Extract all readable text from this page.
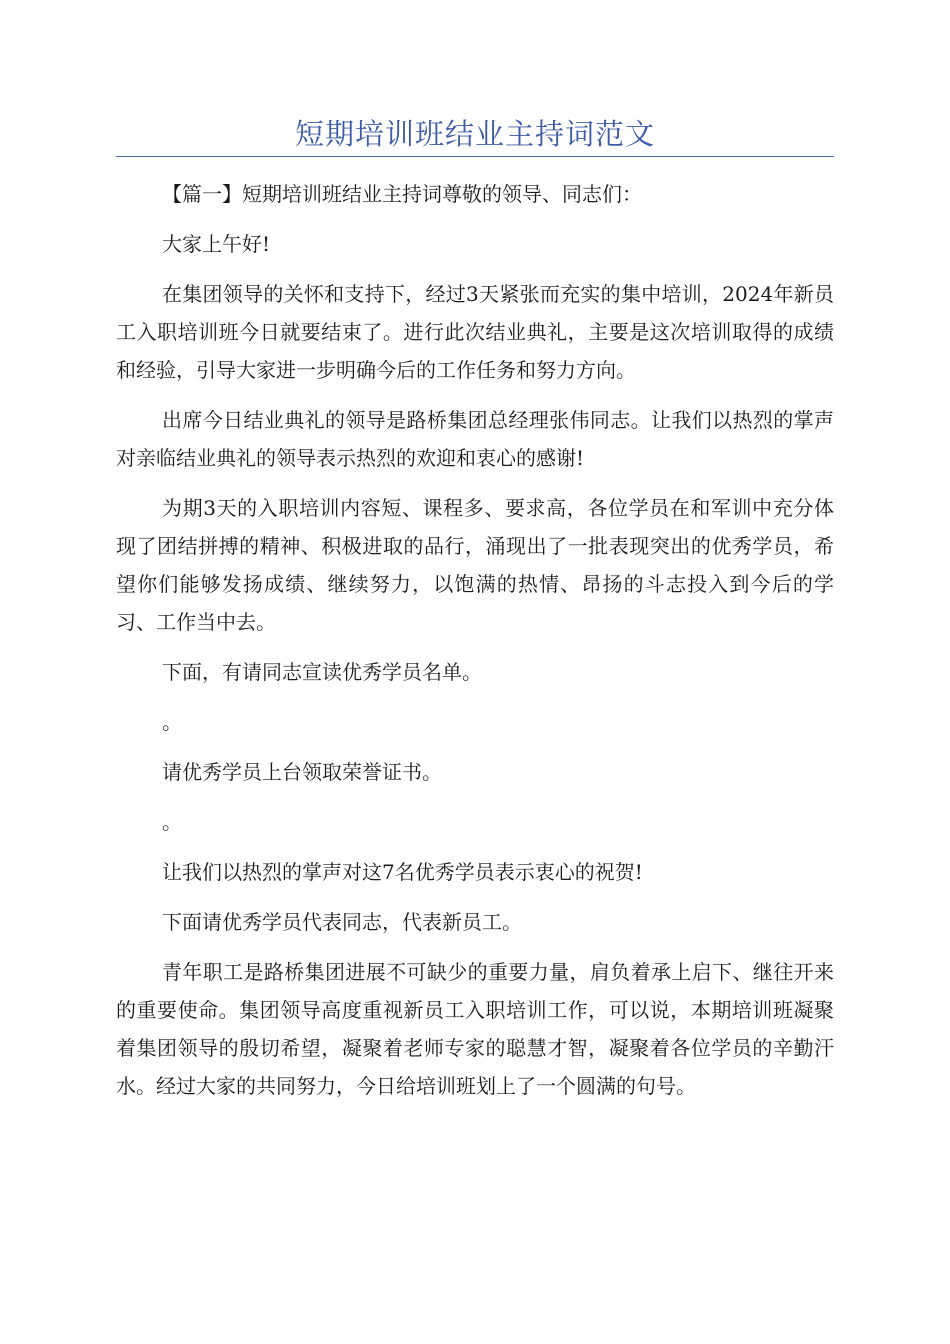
短期培训班结业主持词范文

【篇一】短期培训班结业主持词尊敬的领导、同志们：

大家上午好!

在集团领导的关怀和支持下，经过3天紧张而充实的集中培训，2024年新员工入职培训班今日就要结束了。进行此次结业典礼，主要是这次培训取得的成绩和经验，引导大家进一步明确今后的工作任务和努力方向。

出席今日结业典礼的领导是路桥集团总经理张伟同志。让我们以热烈的掌声对亲临结业典礼的领导表示热烈的欢迎和衷心的感谢!

为期3天的入职培训内容短、课程多、要求高，各位学员在和军训中充分体现了团结拼搏的精神、积极进取的品行，涌现出了一批表现突出的优秀学员，希望你们能够发扬成绩、继续努力，以饱满的热情、昂扬的斗志投入到今后的学习、工作当中去。

下面，有请同志宣读优秀学员名单。

。

请优秀学员上台领取荣誉证书。

。

让我们以热烈的掌声对这7名优秀学员表示衷心的祝贺!

下面请优秀学员代表同志，代表新员工。

青年职工是路桥集团进展不可缺少的重要力量，肩负着承上启下、继往开来的重要使命。集团领导高度重视新员工入职培训工作，可以说，本期培训班凝聚着集团领导的殷切希望，凝聚着老师专家的聪慧才智，凝聚着各位学员的辛勤汗水。经过大家的共同努力，今日给培训班划上了一个圆满的句号。
